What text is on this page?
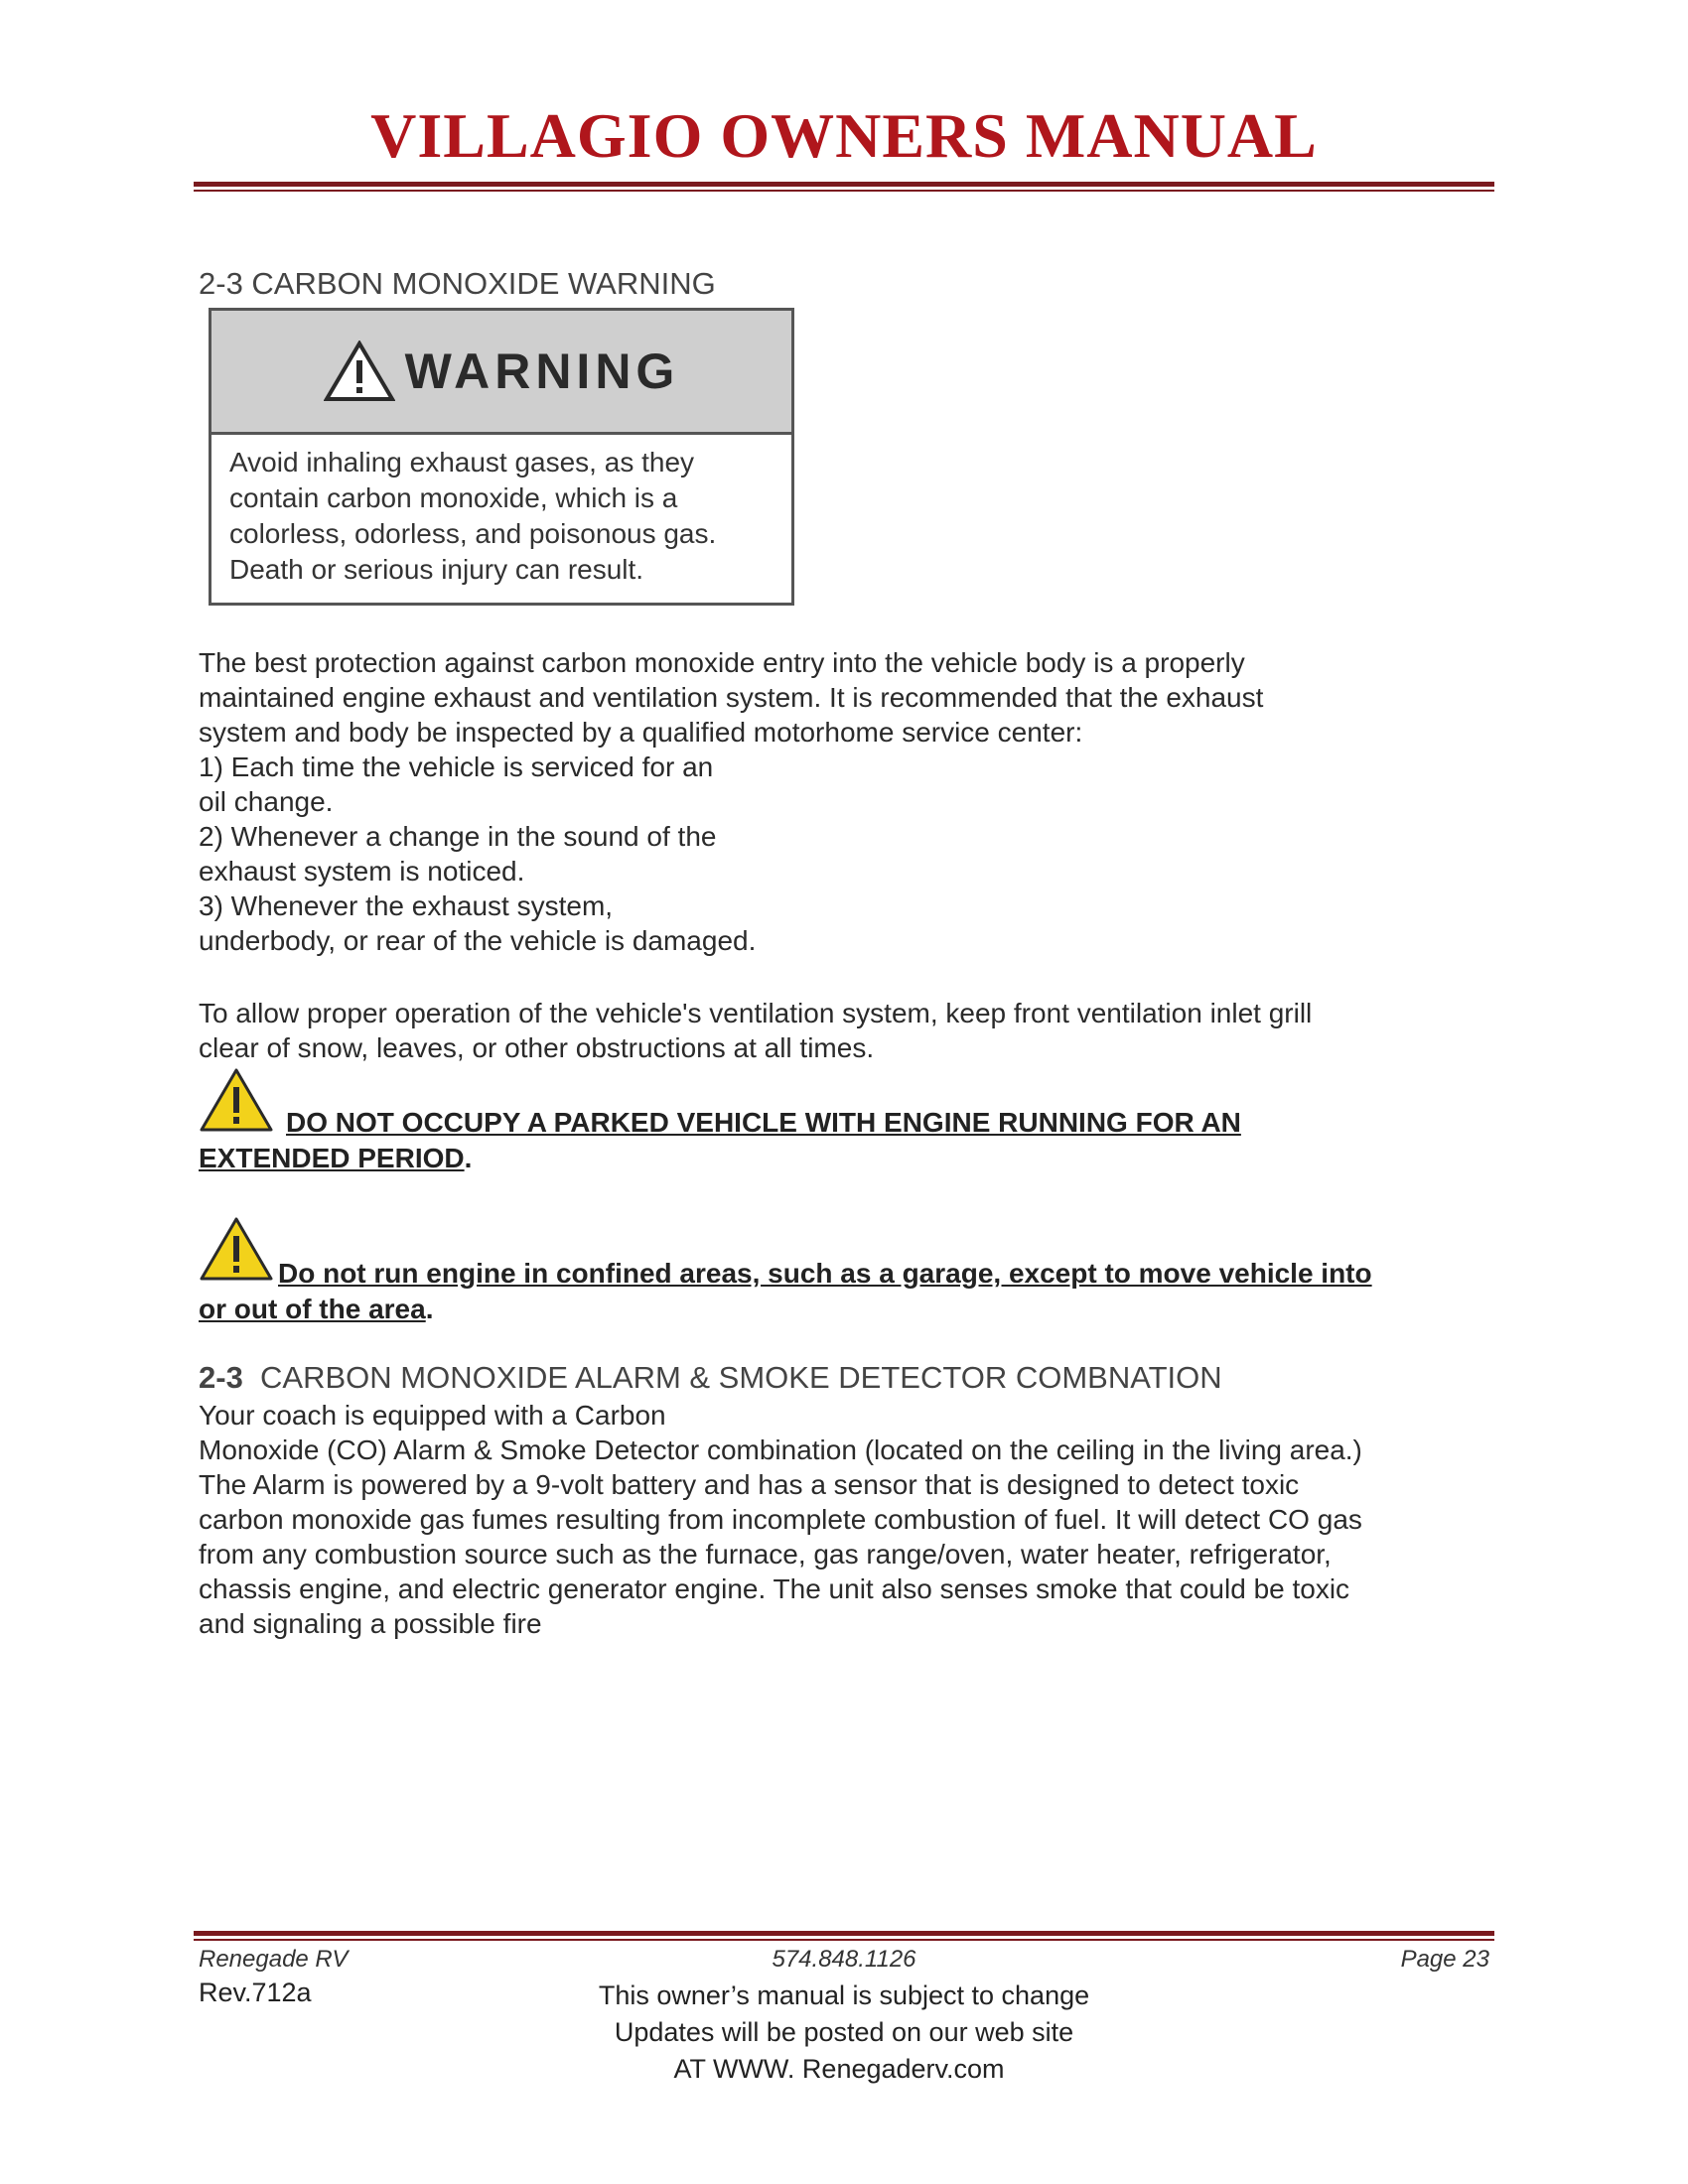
VILLAGIO OWNERS MANUAL
2-3 CARBON MONOXIDE WARNING
WARNING
Avoid inhaling exhaust gases, as they
contain carbon monoxide, which is a
colorless, odorless, and poisonous gas.
Death or serious injury can result.
The best protection against carbon monoxide entry into the vehicle body is a properly
maintained engine exhaust and ventilation system. It is recommended that the exhaust
system and body be inspected by a qualified motorhome service center:
1) Each time the vehicle is serviced for an
oil change.
2) Whenever a change in the sound of the
exhaust system is noticed.
3) Whenever the exhaust system,
underbody, or rear of the vehicle is damaged.
To allow proper operation of the vehicle's ventilation system, keep front ventilation inlet grill
clear of snow, leaves, or other obstructions at all times.
DO NOT OCCUPY A PARKED VEHICLE WITH ENGINE RUNNING FOR AN
EXTENDED PERIOD.
Do not run engine in confined areas, such as a garage, except to move vehicle into
or out of the area.
2-3 CARBON MONOXIDE ALARM & SMOKE DETECTOR COMBNATION
Your coach is equipped with a Carbon
Monoxide (CO) Alarm & Smoke Detector combination (located on the ceiling in the living area.)
The Alarm is powered by a 9-volt battery and has a sensor that is designed to detect toxic
carbon monoxide gas fumes resulting from incomplete combustion of fuel. It will detect CO gas
from any combustion source such as the furnace, gas range/oven, water heater, refrigerator,
chassis engine, and electric generator engine. The unit also senses smoke that could be toxic
and signaling a possible fire
Renegade RV	574.848.1126	Page 23
Rev.712a	This owner’s manual is subject to change
Updates will be posted on our web site
AT WWW. Renegaderv.com
